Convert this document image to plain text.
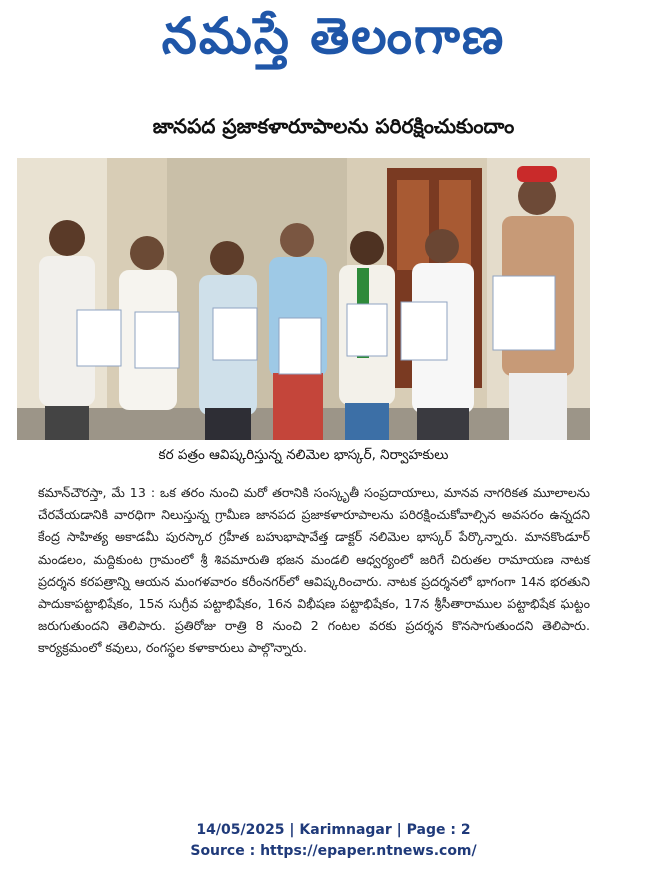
నమస్తే తెలంగాణ
జానపద ప్రజాకళారూపాలను పరిరక్షించుకుందాం
కర పత్రం ఆవిష్కరిస్తున్న నలిమెల భాస్కర్, నిర్వాహకులు
కమాన్‌చౌరస్తా, మే 13 : ఒక తరం నుంచి మరో తరానికి సంస్కృతీ సంప్రదాయాలు, మానవ నాగరికత మూలాలను చేరవేయడానికి వారధిగా నిలుస్తున్న గ్రామీణ జానపద ప్రజాకళారూపాలను పరిరక్షించుకోవాల్సిన అవసరం ఉన్నదని కేంద్ర సాహిత్య అకాడమీ పురస్కార గ్రహీత బహుభాషావేత్త డాక్టర్ నలిమెల భాస్కర్ పేర్కొన్నారు. మానకొండూర్ మండలం, మద్దికుంట గ్రామంలో శ్రీ శివమారుతి భజన మండలి ఆధ్వర్యంలో జరిగే చిరుతల రామాయణ నాటక ప్రదర్శన కరపత్రాన్ని ఆయన మంగళవారం కరీంనగర్‌లో ఆవిష్కరించారు. నాటక ప్రదర్శనలో భాగంగా 14న భరతుని పాదుకాపట్టాభిషేకం, 15న సుగ్రీవ పట్టాభిషేకం, 16న విభీషణ పట్టాభిషేకం, 17న శ్రీసీతారాముల పట్టాభిషేక ఘట్టం జరుగుతుందని తెలిపారు. ప్రతిరోజు రాత్రి 8 నుంచి 2 గంటల వరకు ప్రదర్శన కొనసాగుతుందని తెలిపారు. కార్యక్రమంలో కవులు, రంగస్థల కళాకారులు పాల్గొన్నారు.
14/05/2025 | Karimnagar | Page : 2
Source : https://epaper.ntnews.com/
